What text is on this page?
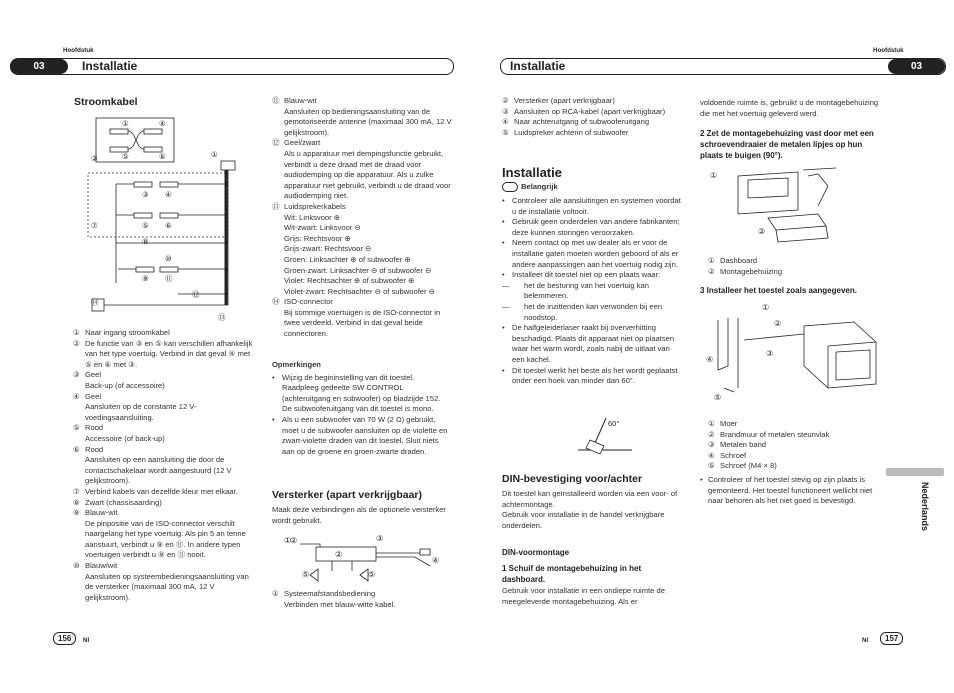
Hoofdstuk	Hoofdstuk
03	Installatie	03
Installatie
Stroomkabel
①	④
②	⑤	⑥	①
③ ④
⑦	⑤ ⑥
⑧
⑩
⑨ ⑪
⑫
⑭
⑬
① Naar ingang stroomkabel
② De functie van ③ en ⑤ kan verschillen afhankelijk van het type voertuig. Verbind in dat geval ④ met ⑤ en ⑥ met ③.
③ Geel
Back-up (of accessoire)
④ Geel
Aansluiten op de constante 12 V-voedingsaansluiting.
⑤ Rood
Accessoire (of back-up)
⑥ Rood
Aansluiten op een aansluiting die door de contactschakelaar wordt aangestuurd (12 V gelijkstroom).
⑦ Verbind kabels van dezelfde kleur met elkaar.
⑧ Zwart (chassisaarding)
⑨ Blauw-wit
De pinpositie van de ISO-connector verschilt naargelang het type voertuig. Als pin 5 an tenne aanstuurt, verbindt u ⑨ en ⑪. In andere typen voertuigen verbindt u ⑨ en ⑪ nooit.
⑩ Blauw/wit
Aansluiten op systeembedieningsaansluiting van de versterker (maximaal 300 mA, 12 V gelijkstroom).
⑪ Blauw-wit
Aansluiten op bedieningsaansluiting van de gemotoriseerde antenne (maximaal 300 mA, 12 V gelijkstroom).
⑫ Geel/zwart
Als u apparatuur met dempingsfunctie gebruikt, verbindt u deze draad met de draad voor audiodemping op die apparatuur. Als u zulke apparatuur niet gebruikt, verbindt u de draad voor audiodemping niet.
⑬ Luidsprekerkabels
Wit: Linksvoor ⊕
Wit-zwart: Linksvoor ⊖
Grijs: Rechtsvoor ⊕
Grijs-zwart: Rechtsvoor ⊖
Groen: Linksachter ⊕ of subwoofer ⊕
Groen-zwart: Linksachter ⊖ of subwoofer ⊖
Violet: Rechtsachter ⊕ of subwoofer ⊕
Violet-zwart: Rechtsachter ⊖ of subwoofer ⊖
⑭ ISO-connector
Bij sommige voertuigen is de ISO-connector in twee verdeeld. Verbind in dat geval beide connectoren.
Opmerkingen
• Wijzig de begininstelling van dit toestel. Raadpleeg gedeelte SW CONTROL (achteruitgang en subwoofer) op bladzijde 152. De subwooferuitgang van dit toestel is mono.
• Als u een subwoofer van 70 W (2 Ω) gebruikt, moet u de subwoofer aansluiten op de violette en zwart-violette draden van dit toestel. Sluit niets aan op de groene en groen-zwarte draden.
Versterker (apart verkrijgbaar)
Maak deze verbindingen als de optionele versterker wordt gebruikt.
②
①
②
③
④
⑤	⑤
① Systeemafstandsbediening
Verbinden met blauw-witte kabel.
② Versterker (apart verkrijgbaar)
③ Aansluiten op RCA-kabel (apart verkrijgbaar)
④ Naar achteruitgang of subwooferuitgang
⑤ Luidspreker achterin of subwoofer
Installatie
Belangrijk
• Controleer alle aansluitingen en systemen voordat u de installatie voltooit.
• Gebruik geen onderdelen van andere fabrikanten; deze kunnen storingen veroorzaken.
• Neem contact op met uw dealer als er voor de installatie gaten moeten worden geboord of als er andere aanpassingen aan het voertuig nodig zijn.
• Installeer dit toestel niet op een plaats waar:
—	het de besturing van het voertuig kan belemmeren.
—	het de inzittenden kan verwonden bij een noodstop.
• De halfgeleiderlaser raakt bij oververhitting beschadigd. Plaats dit apparaat niet op plaatsen waar het warm wordt, zoals nabij de uitlaat van een kachel.
• Dit toestel werkt het beste als het wordt geplaatst onder een hoek van minder dan 60°.
60°
DIN-bevestiging voor/achter
Dit toestel kan geïnstalleerd worden via een voor- of achtermontage.
Gebruik voor installatie in de handel verkrijgbare onderdelen.
DIN-voormontage
1 Schuif de montagebehuizing in het dashboard.
Gebruik voor installatie in een ondiepe ruimte de meegeleverde montagebehuizing. Als er
voldoende ruimte is, gebruikt u de montagebehuizing die met het voertuig geleverd werd.
2 Zet de montagebehuizing vast door met een schroevendraaier de metalen lipjes op hun plaats te buigen (90°).
①
②
① Dashboard
② Montagebehuizing
3 Installeer het toestel zoals aangegeven.
①
②
③
④
⑤
① Moer
② Brandmuur of metalen steunvlak
③ Metalen band
④ Schroef
⑤ Schroef (M4 × 8)
• Controleer of het toestel stevig op zijn plaats is gemonteerd. Het toestel functioneert wellicht niet naar behoren als het niet goed is bevestigd.	Nederlands
156	Nl	Nl	157
